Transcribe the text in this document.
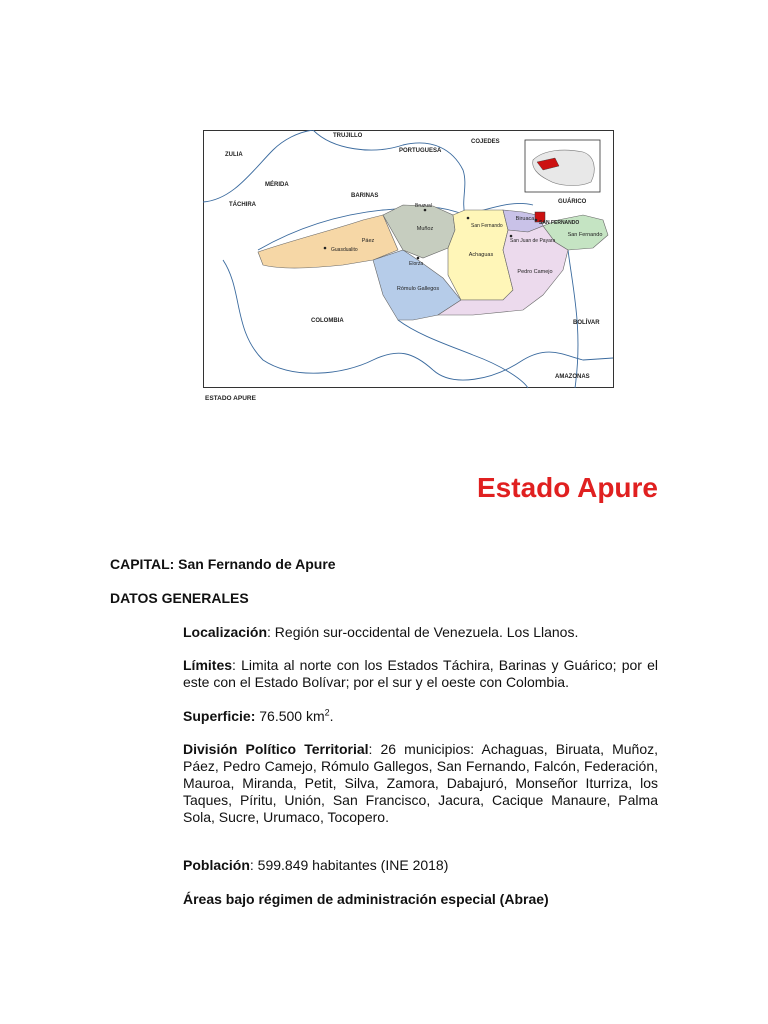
TRUJILLO
ZULIA
MÉRIDA
TÁCHIRA
PORTUGUESA
COJEDES
BARINAS
GUÁRICO
COLOMBIA	BOLÍVAR
AMAZONAS
Páez
Muñoz
Achaguas
Biruaca
San Fernando
Pedro Camejo
Rómulo Gallegos
Guasdualito
Bruzual
Elorza
San Fernando	SAN FERNANDO
San Juan de Payara
ESTADO APURE
Estado Apure
CAPITAL: San Fernando de Apure
DATOS GENERALES
Localización: Región sur-occidental de Venezuela. Los Llanos.
Límites: Limita al norte con los Estados Táchira, Barinas y Guárico; por el este con el Estado Bolívar; por el sur y el oeste con Colombia.
Superficie: 76.500 $km^2$.
División Político Territorial: 26 municipios: Achaguas, Biruata, Muñoz, Páez, Pedro Camejo, Rómulo Gallegos, San Fernando, Falcón, Federación, Mauroa, Miranda, Petit, Silva, Zamora, Dabajuró, Monseñor Iturriza, los Taques, Píritu, Unión, San Francisco, Jacura, Cacique Manaure, Palma Sola, Sucre, Urumaco, Tocopero.
Población: 599.849 habitantes (INE 2018)
Áreas bajo régimen de administración especial (Abrae)
